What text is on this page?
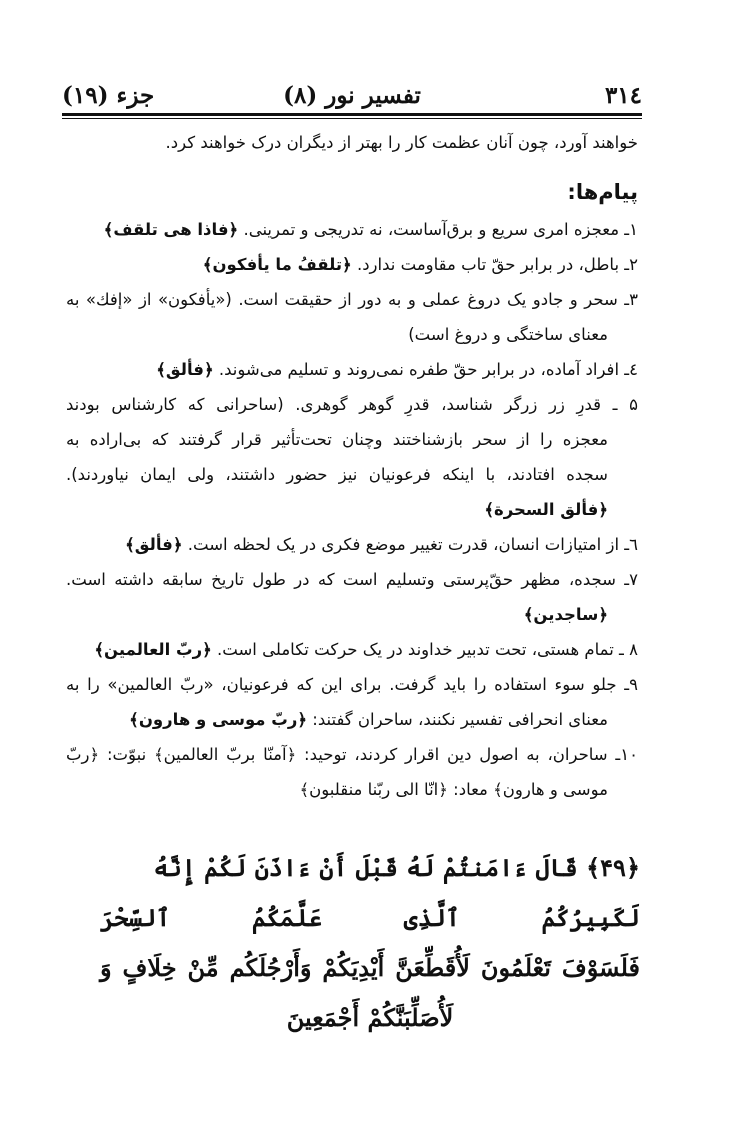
۳۱٤
تفسیر نور (۸)
جزء (۱۹)
خواهند آورد، چون آنان عظمت کار را بهتر از دیگران درک خواهند کرد.
پیام‌ها:
۱ـ معجزه امری سریع و برق‌آساست، نه تدریجی و تمرینی. ﴿فاذا هی تلقف﴾
۲ـ باطل، در برابر حقّ تاب مقاومت ندارد. ﴿تلقفُ ما یأفکون﴾
۳ـ سحر و جادو یک دروغ عملی و به دور از حقیقت است. («یأفکون» از «إفك» به
معنای ساختگی و دروغ است)
٤ـ افراد آماده، در برابر حقّ طفره نمی‌روند و تسلیم می‌شوند. ﴿فألق﴾
۵ ـ قدرِ زر زرگر شناسد، قدرِ گوهر گوهری. (ساحرانی که کارشناس بودند
معجزه را از سحر بازشناختند وچنان تحت‌تأثیر قرار گرفتند که بی‌اراده به
سجده افتادند، با اینکه فرعونیان نیز حضور داشتند، ولی ایمان نیاوردند).
﴿فألق السحرة﴾
٦ـ از امتیازات انسان، قدرت تغییر موضع فکری در یک لحظه است. ﴿فألق﴾
۷ـ سجده، مظهر حقّ‌پرستی وتسلیم است که در طول تاریخ سابقه داشته است.
﴿ساجدین﴾
۸ ـ تمام هستی، تحت تدبیر خداوند در یک حرکت تکاملی است. ﴿ربّ العالمین﴾
۹ـ جلو سوء استفاده را باید گرفت. برای این که فرعونیان، «ربّ العالمین» را به
معنای انحرافی تفسیر نکنند، ساحران گفتند: ﴿ربّ موسی و هارون﴾
۱۰ـ ساحران، به اصول دین اقرار کردند، توحید: ﴿آمنّا بربّ العالمین﴾ نبوّت: ﴿ربّ
موسی و هارون﴾ معاد: ﴿انّا الی ربّنا منقلبون﴾
﴿۴۹﴾ قَالَ ءَامَنتُمْ لَهُ قَبْلَ أَنْ ءَاذَنَ لَكُمْ إِنَّهُ لَكَبِيرُكُمُ ٱلَّذِى عَلَّمَكُمُ ٱلسِّحْرَ
فَلَسَوْفَ تَعْلَمُونَ لَأُقَطِّعَنَّ أَيْدِيَكُمْ وَأَرْجُلَكُم مِّنْ خِلَافٍ وَ
لَأُصَلِّبَنَّكُمْ أَجْمَعِينَ
